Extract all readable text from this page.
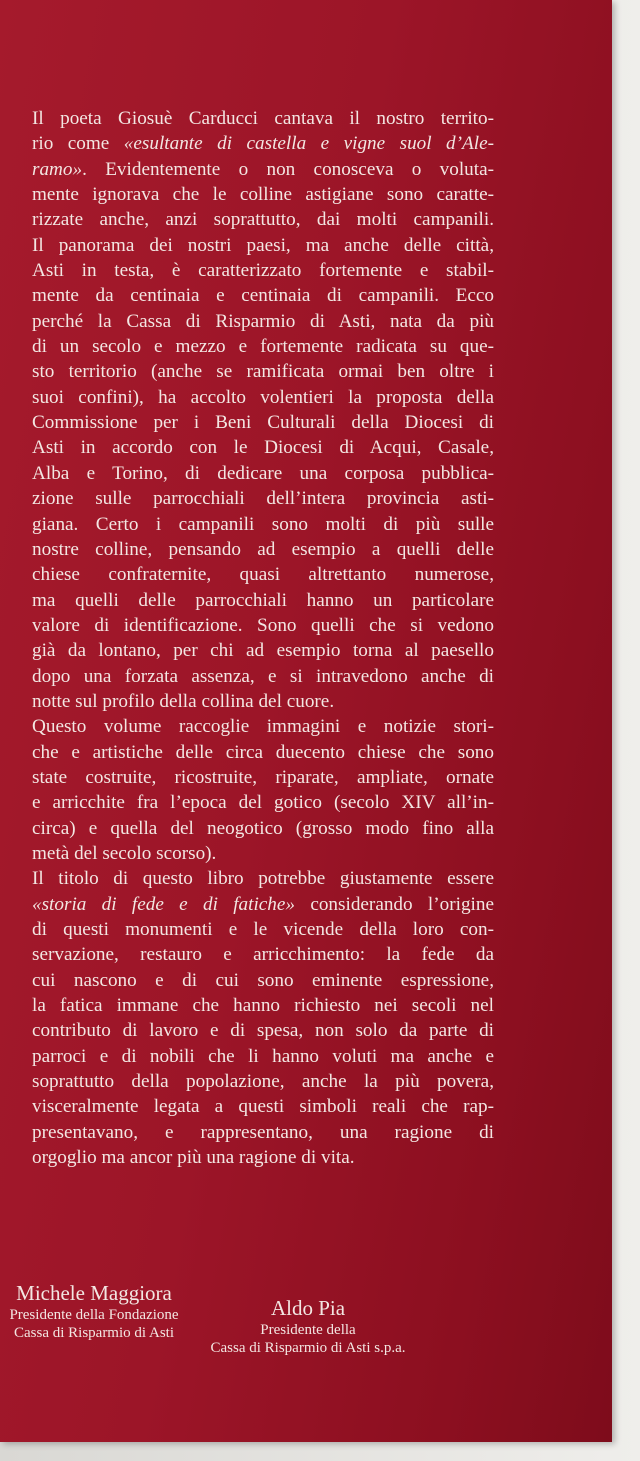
Il poeta Giosuè Carducci cantava il nostro territo-
rio come «esultante di castella e vigne suol d’Ale-
ramo». Evidentemente o non conosceva o voluta-
mente ignorava che le colline astigiane sono caratte-
rizzate anche, anzi soprattutto, dai molti campanili.
Il panorama dei nostri paesi, ma anche delle città,
Asti in testa, è caratterizzato fortemente e stabil-
mente da centinaia e centinaia di campanili. Ecco
perché la Cassa di Risparmio di Asti, nata da più
di un secolo e mezzo e fortemente radicata su que-
sto territorio (anche se ramificata ormai ben oltre i
suoi confini), ha accolto volentieri la proposta della
Commissione per i Beni Culturali della Diocesi di
Asti in accordo con le Diocesi di Acqui, Casale,
Alba e Torino, di dedicare una corposa pubblica-
zione sulle parrocchiali dell’intera provincia asti-
giana. Certo i campanili sono molti di più sulle
nostre colline, pensando ad esempio a quelli delle
chiese confraternite, quasi altrettanto numerose,
ma quelli delle parrocchiali hanno un particolare
valore di identificazione. Sono quelli che si vedono
già da lontano, per chi ad esempio torna al paesello
dopo una forzata assenza, e si intravedono anche di
notte sul profilo della collina del cuore.
Questo volume raccoglie immagini e notizie stori-
che e artistiche delle circa duecento chiese che sono
state costruite, ricostruite, riparate, ampliate, ornate
e arricchite fra l’epoca del gotico (secolo XIV all’in-
circa) e quella del neogotico (grosso modo fino alla
metà del secolo scorso).
Il titolo di questo libro potrebbe giustamente essere
«storia di fede e di fatiche» considerando l’origine
di questi monumenti e le vicende della loro con-
servazione, restauro e arricchimento: la fede da
cui nascono e di cui sono eminente espressione,
la fatica immane che hanno richiesto nei secoli nel
contributo di lavoro e di spesa, non solo da parte di
parroci e di nobili che li hanno voluti ma anche e
soprattutto della popolazione, anche la più povera,
visceralmente legata a questi simboli reali che rap-
presentavano, e rappresentano, una ragione di
orgoglio ma ancor più una ragione di vita.
Michele Maggiora
Presidente della Fondazione
Cassa di Risparmio di Asti
Aldo Pia
Presidente della
Cassa di Risparmio di Asti s.p.a.
